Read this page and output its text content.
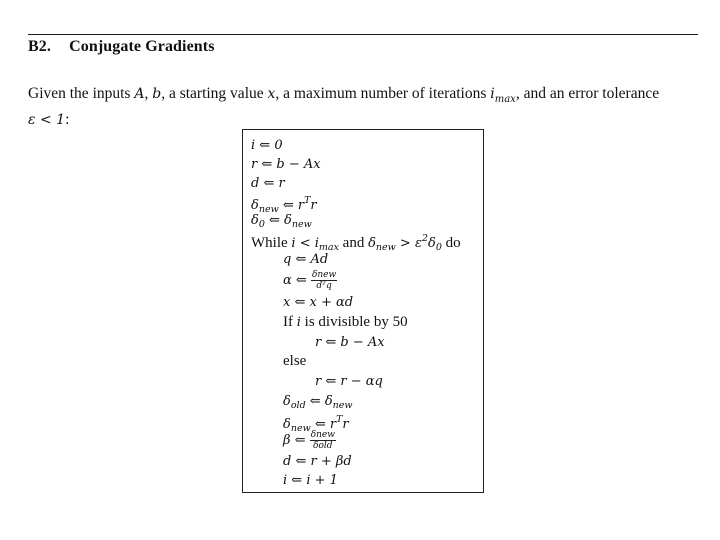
B2. Conjugate Gradients
Given the inputs A, b, a starting value x, a maximum number of iterations $i_{max}$, and an error tolerance
ε < 1:
i ⇐ 0
r ⇐ b − Ax
d ⇐ r
$\delta_{new}$ ⇐ $r^Tr$
$\delta_0$ ⇐ $\delta_{new}$
While $i < i_{max}$ and $\delta_{new} > \varepsilon^2\delta_0$ do
q ⇐ Ad
α ⇐ $\frac{\text{δnew}}{\text{dᵀq}}$
x ⇐ x + αd
If i is divisible by 50
r ⇐ b − Ax
else
r ⇐ r − αq
$\delta_{old}$ ⇐ $\delta_{new}$
$\delta_{new}$ ⇐ $r^Tr$
β ⇐ $\frac{\text{δnew}}{\text{δold}}$
d ⇐ r + βd
i ⇐ i + 1
